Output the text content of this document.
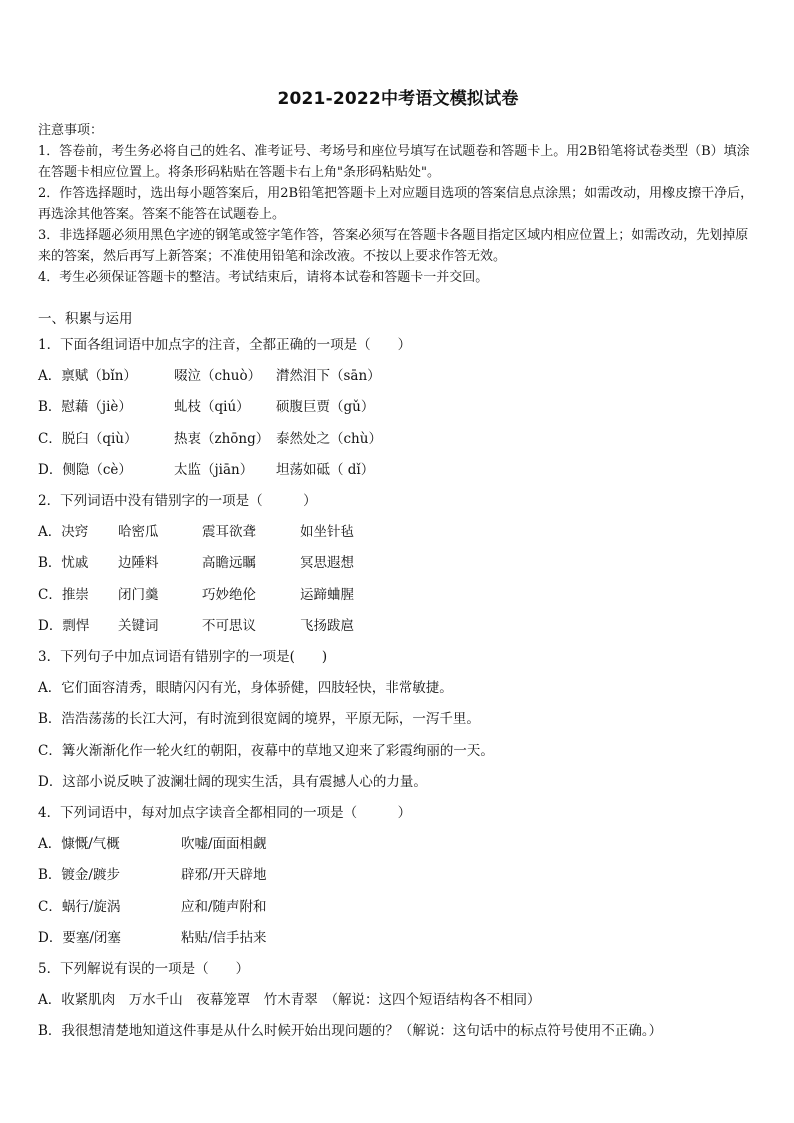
2021-2022中考语文模拟试卷

注意事项：

1．答卷前，考生务必将自己的姓名、准考证号、考场号和座位号填写在试题卷和答题卡上。用2B铅笔将试卷类型（B）填涂在答题卡相应位置上。将条形码粘贴在答题卡右上角"条形码粘贴处"。

2．作答选择题时，选出每小题答案后，用2B铅笔把答题卡上对应题目选项的答案信息点涂黑；如需改动，用橡皮擦干净后，再选涂其他答案。答案不能答在试题卷上。

3．非选择题必须用黑色字迹的钢笔或签字笔作答，答案必须写在答题卡各题目指定区域内相应位置上；如需改动，先划掉原来的答案，然后再写上新答案；不准使用铅笔和涂改液。不按以上要求作答无效。

4．考生必须保证答题卡的整洁。考试结束后，请将本试卷和答题卡一并交回。

一、积累与运用
1．下面各组词语中加点字的注音，全都正确的一项是（　　）
A．禀赋（bǐn）	啜泣（chuò） 潸然泪下（sān）
B．慰藉（jiè）	虬枝（qiú） 硕腹巨贾（gǔ）
C．脱臼（qiù）	热衷（zhōng） 泰然处之（chù）
D．侧隐（cè）	太监（jiān） 坦荡如砥（ dǐ）
2．下列词语中没有错别字的一项是（　　　）
A．决窍 哈密瓜	震耳欲聋	如坐针毡
B．忧戚 边陲料	高瞻远瞩	冥思遐想
C．推崇 闭门羹	巧妙绝伦	运蹄蛐腥
D．剽悍 关键词	不可思议	飞扬跋扈
3．下列句子中加点词语有错别字的一项是(　　)
A．它们面容清秀，眼睛闪闪有光，身体骄健，四肢轻快，非常敏捷。
B．浩浩荡荡的长江大河，有时流到很宽阔的境界，平原无际，一泻千里。
C．篝火渐渐化作一轮火红的朝阳，夜幕中的草地又迎来了彩霞绚丽的一天。
D．这部小说反映了波澜壮阔的现实生活，具有震撼人心的力量。
4．下列词语中，每对加点字读音全都相同的一项是（　　　）
A．慷慨/气概	吹嘘/面面相觑
B．镀金/踱步	辟邪/开天辟地
C．蜗行/旋涡	应和/随声附和
D．要塞/闭塞	粘贴/信手拈来
5．下列解说有误的一项是（　　）
A．收紧肌肉　万水千山　夜幕笼罩　竹木青翠　（解说：这四个短语结构各不相同）
B．我很想清楚地知道这件事是从什么时候开始出现问题的？（解说：这句话中的标点符号使用不正确。）
